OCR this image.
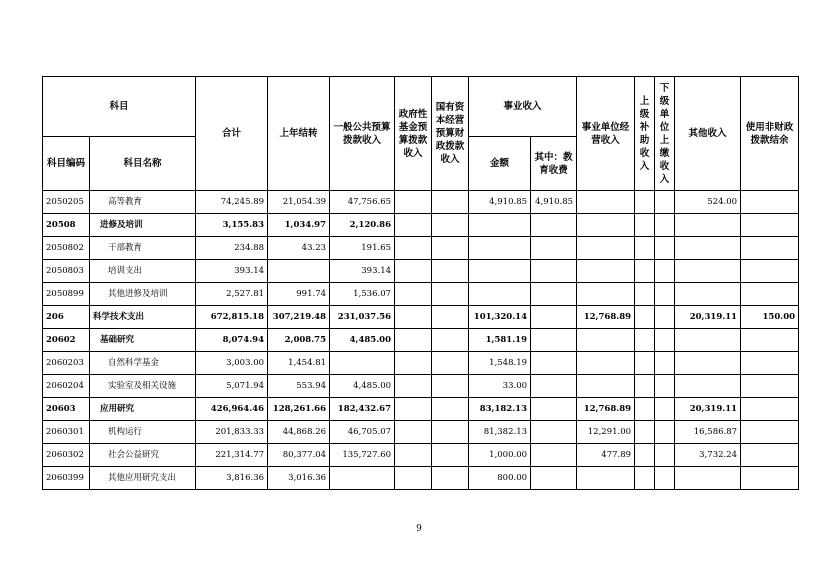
科目		合计	上年结转	一般公共预算拨款收入	政府性基金预算拨款收入	国有资本经营预算财政拨款收入	事业收入		事业单位经营收入	上级补助收入	下级单位上缴收入	其他收入	使用非财政拨款结余
科目编码	科目名称						金额	其中：教育收费					
2050205	高等教育	74,245.89	21,054.39	47,756.65			4,910.85	4,910.85				524.00	
20508	进修及培训	3,155.83	1,034.97	2,120.86									
2050802	干部教育	234.88	43.23	191.65									
2050803	培训支出	393.14		393.14									
2050899	其他进修及培训	2,527.81	991.74	1,536.07									
206	科学技术支出	672,815.18	307,219.48	231,037.56			101,320.14		12,768.89			20,319.11	150.00
20602	基础研究	8,074.94	2,008.75	4,485.00			1,581.19						
2060203	自然科学基金	3,003.00	1,454.81				1,548.19						
2060204	实验室及相关设施	5,071.94	553.94	4,485.00			33.00						
20603	应用研究	426,964.46	128,261.66	182,432.67			83,182.13		12,768.89			20,319.11	
2060301	机构运行	201,833.33	44,868.26	46,705.07			81,382.13		12,291.00			16,586.87	
2060302	社会公益研究	221,314.77	80,377.04	135,727.60			1,000.00		477.89			3,732.24	
2060399	其他应用研究支出	3,816.36	3,016.36				800.00						
9
